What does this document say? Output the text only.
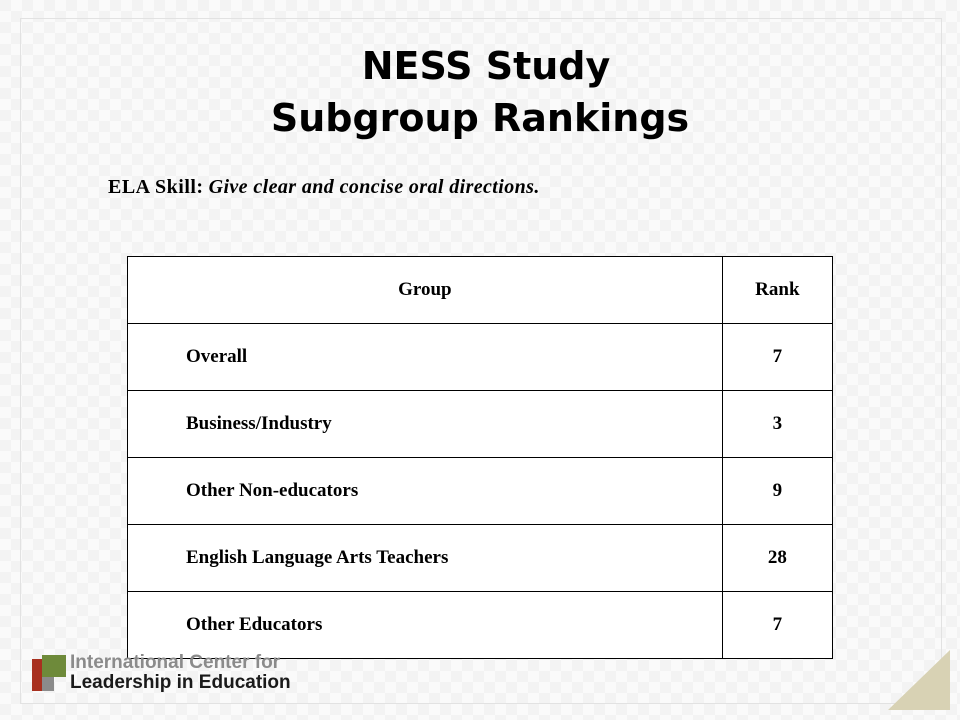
NESS Study
Subgroup Rankings
ELA Skill: Give clear and concise oral directions.
Group	Rank
Overall	7
Business/Industry	3
Other Non-educators	9
English Language Arts Teachers	28
Other Educators	7
International Center for
Leadership in Education
